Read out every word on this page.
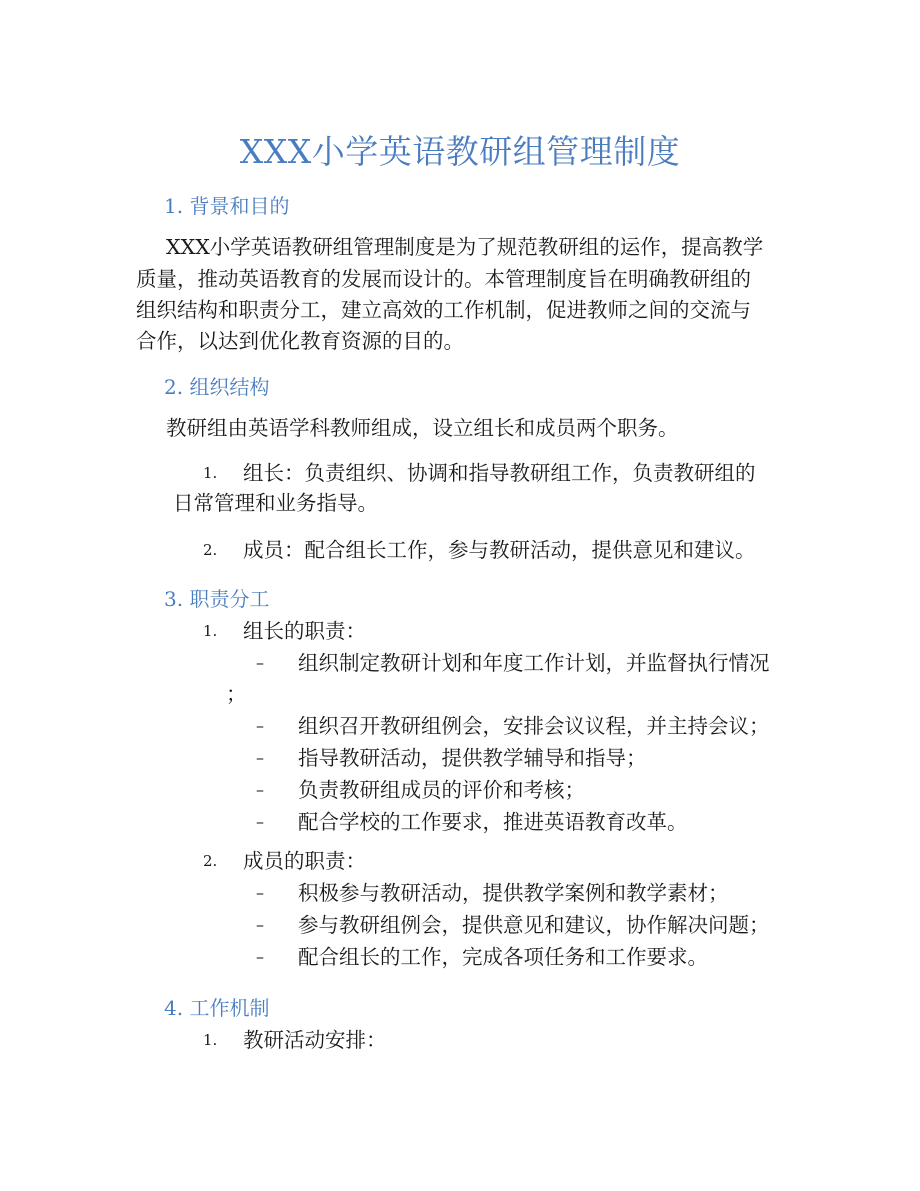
XXX小学英语教研组管理制度
1. 背景和目的
XXX小学英语教研组管理制度是为了规范教研组的运作，提高教学
质量，推动英语教育的发展而设计的。本管理制度旨在明确教研组的
组织结构和职责分工，建立高效的工作机制，促进教师之间的交流与
合作，以达到优化教育资源的目的。
2. 组织结构
教研组由英语学科教师组成，设立组长和成员两个职务。
1. 组长：负责组织、协调和指导教研组工作，负责教研组的
日常管理和业务指导。
2. 成员：配合组长工作，参与教研活动，提供意见和建议。
3. 职责分工
1. 组长的职责：
– 组织制定教研计划和年度工作计划，并监督执行情况
；
– 组织召开教研组例会，安排会议议程，并主持会议；
– 指导教研活动，提供教学辅导和指导；
– 负责教研组成员的评价和考核；
– 配合学校的工作要求，推进英语教育改革。
2. 成员的职责：
– 积极参与教研活动，提供教学案例和教学素材；
– 参与教研组例会，提供意见和建议，协作解决问题；
– 配合组长的工作，完成各项任务和工作要求。
4. 工作机制
1. 教研活动安排：
